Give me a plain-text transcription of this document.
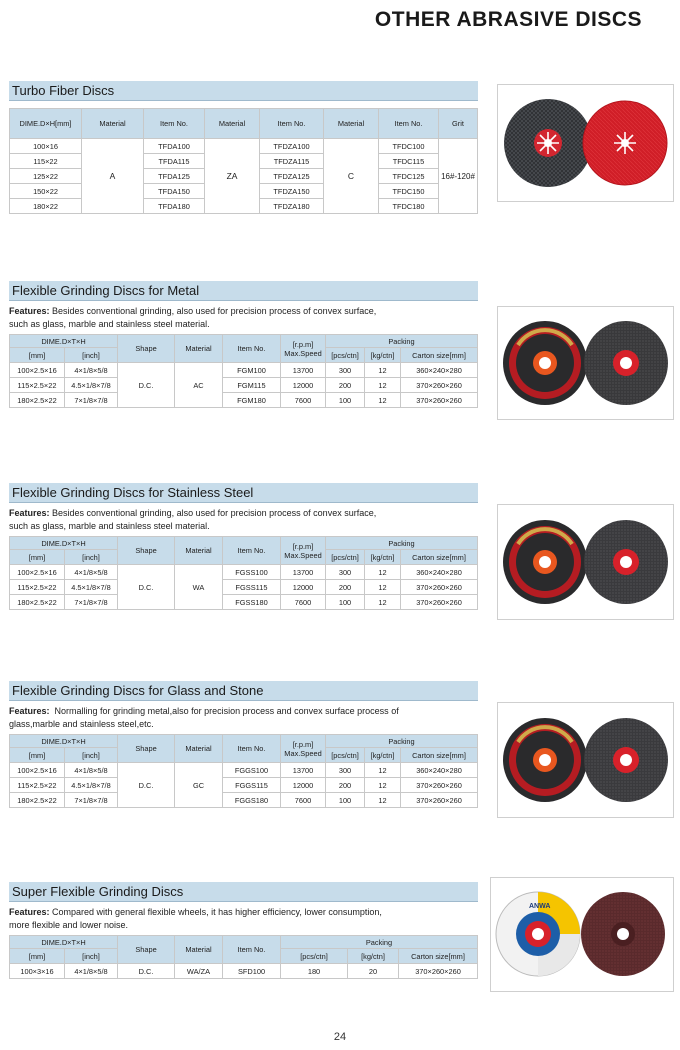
OTHER ABRASIVE DISCS
Turbo Fiber Discs
DIME.D×H[mm]	Material	Item No.	Material	Item No.	Material	Item No.	Grit
100×16	A	TFDA100	ZA	TFDZA100	C	TFDC100	16#-120#
115×22		TFDA115		TFDZA115		TFDC115	
125×22		TFDA125		TFDZA125		TFDC125	
150×22		TFDA150		TFDZA150		TFDC150	
180×22		TFDA180		TFDZA180		TFDC180	
Flexible Grinding Discs for Metal
Features: Besides conventional grinding, also used for precision process of convex surface, such as glass, marble and stainless steel material.
DIME.D×T×H		Shape	Material	Item No.	[r.p.m]
Max.Speed	Packing		
[mm]	[inch]					[pcs/ctn]	[kg/ctn]	Carton size[mm]
100×2.5×16	4×1/8×5/8	D.C.	AC	FGM100	13700	300	12	360×240×280
115×2.5×22	4.5×1/8×7/8			FGM115	12000	200	12	370×260×260
180×2.5×22	7×1/8×7/8			FGM180	7600	100	12	370×260×260
Flexible Grinding Discs for Stainless Steel
Features: Besides conventional grinding, also used for precision process of convex surface, such as glass, marble and stainless steel material.
DIME.D×T×H		Shape	Material	Item No.	[r.p.m]
Max.Speed	Packing		
[mm]	[inch]					[pcs/ctn]	[kg/ctn]	Carton size[mm]
100×2.5×16	4×1/8×5/8	D.C.	WA	FGSS100	13700	300	12	360×240×280
115×2.5×22	4.5×1/8×7/8			FGSS115	12000	200	12	370×260×260
180×2.5×22	7×1/8×7/8			FGSS180	7600	100	12	370×260×260
Flexible Grinding Discs for Glass and Stone
Features: Normalling for grinding metal,also for precision process and convex surface process of glass,marble and stainless steel,etc.
DIME.D×T×H		Shape	Material	Item No.	[r.p.m]
Max.Speed	Packing		
[mm]	[inch]					[pcs/ctn]	[kg/ctn]	Carton size[mm]
100×2.5×16	4×1/8×5/8	D.C.	GC	FGGS100	13700	300	12	360×240×280
115×2.5×22	4.5×1/8×7/8			FGGS115	12000	200	12	370×260×260
180×2.5×22	7×1/8×7/8			FGGS180	7600	100	12	370×260×260
Super Flexible Grinding Discs
Features: Compared with general flexible wheels, it has higher efficiency, lower consumption, more flexible and lower noise.
DIME.D×T×H		Shape	Material	Item No.	Packing		
[mm]	[inch]				[pcs/ctn]	[kg/ctn]	Carton size[mm]
100×3×16	4×1/8×5/8	D.C.	WA/ZA	SFD100	180	20	370×260×260
ANWA
24
